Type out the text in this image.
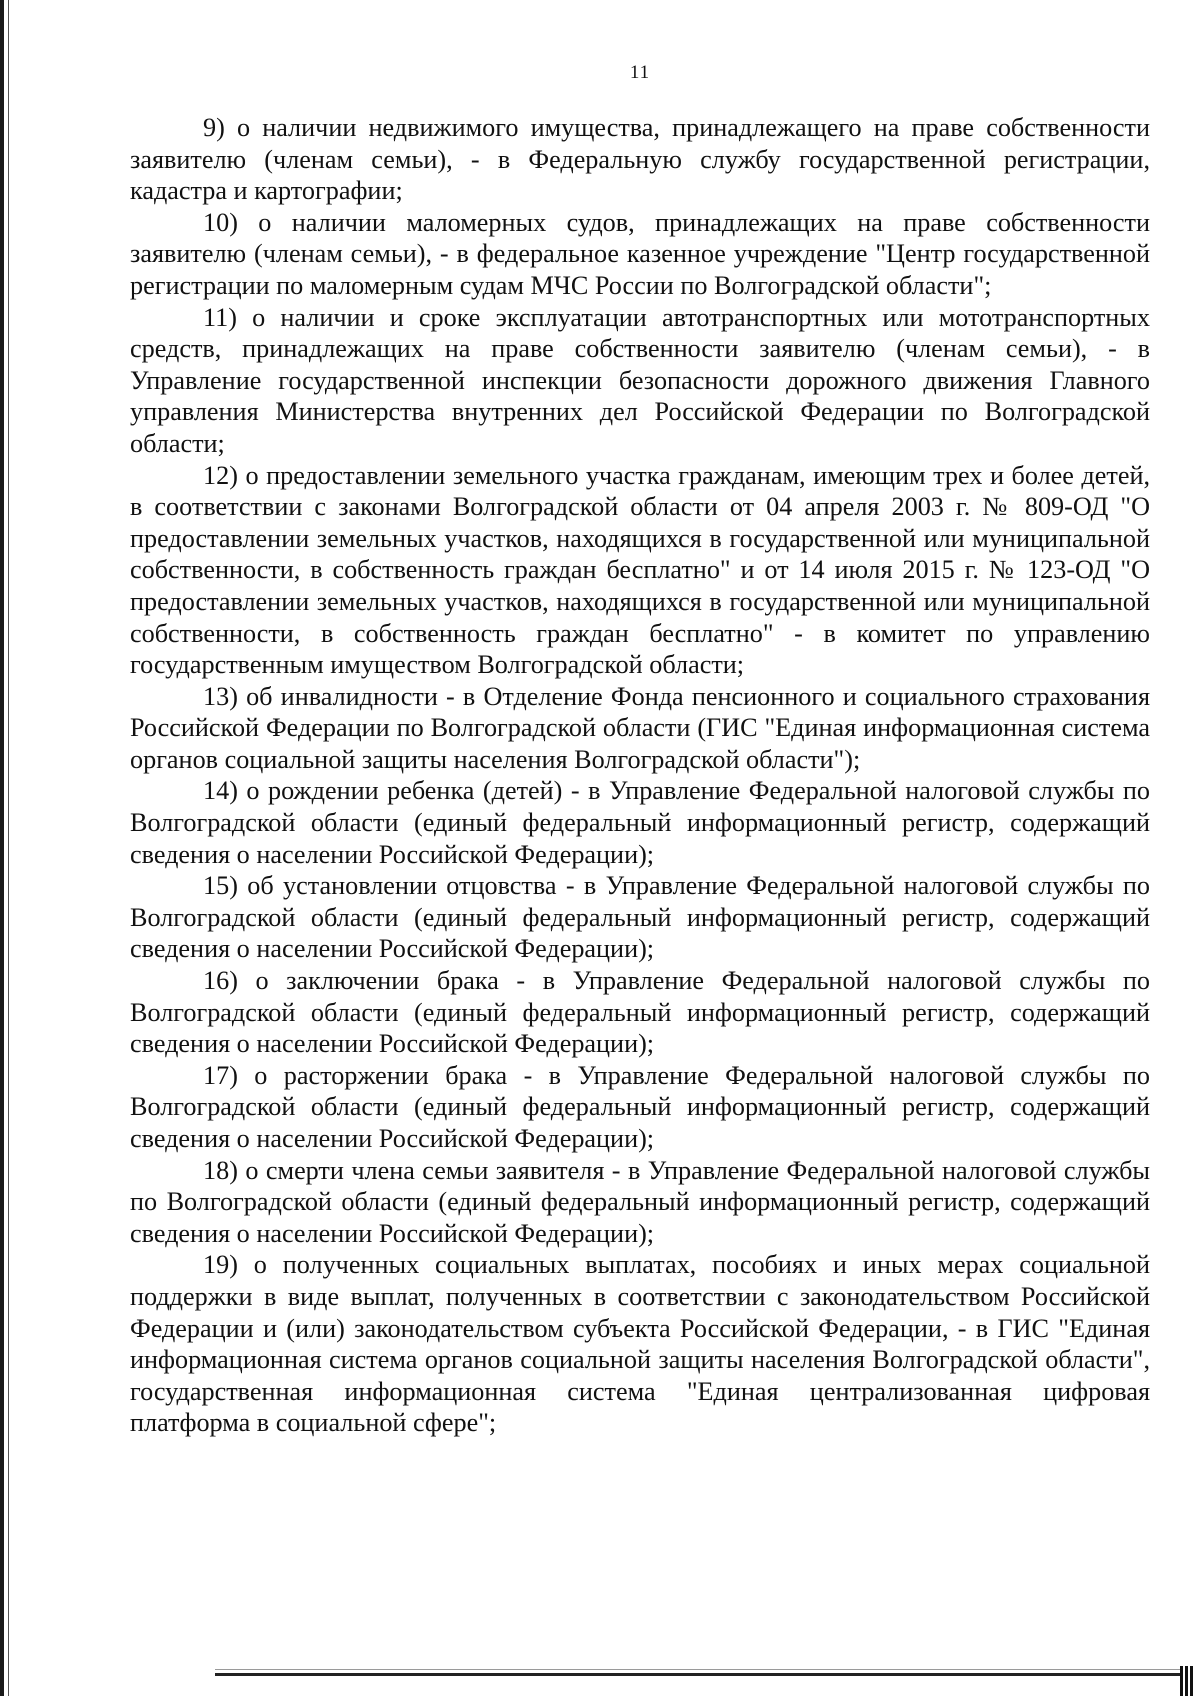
11

9) о наличии недвижимого имущества, принадлежащего на праве собственности заявителю (членам семьи), - в Федеральную службу государственной регистрации, кадастра и картографии;

10) о наличии маломерных судов, принадлежащих на праве собственности заявителю (членам семьи), - в федеральное казенное учреждение "Центр государственной регистрации по маломерным судам МЧС России по Волгоградской области";

11) о наличии и сроке эксплуатации автотранспортных или мототранспортных средств, принадлежащих на праве собственности заявителю (членам семьи), - в Управление государственной инспекции безопасности дорожного движения Главного управления Министерства внутренних дел Российской Федерации по Волгоградской области;

12) о предоставлении земельного участка гражданам, имеющим трех и более детей, в соответствии с законами Волгоградской области от 04 апреля 2003 г. № 809-ОД "О предоставлении земельных участков, находящихся в государственной или муниципальной собственности, в собственность граждан бесплатно" и от 14 июля 2015 г. № 123-ОД "О предоставлении земельных участков, находящихся в государственной или муниципальной собственности, в собственность граждан бесплатно" - в комитет по управлению государственным имуществом Волгоградской области;

13) об инвалидности - в Отделение Фонда пенсионного и социального страхования Российской Федерации по Волгоградской области (ГИС "Единая информационная система органов социальной защиты населения Волгоградской области");

14) о рождении ребенка (детей) - в Управление Федеральной налоговой службы по Волгоградской области (единый федеральный информационный регистр, содержащий сведения о населении Российской Федерации);

15) об установлении отцовства - в Управление Федеральной налоговой службы по Волгоградской области (единый федеральный информационный регистр, содержащий сведения о населении Российской Федерации);

16) о заключении брака - в Управление Федеральной налоговой службы по Волгоградской области (единый федеральный информационный регистр, содержащий сведения о населении Российской Федерации);

17) о расторжении брака - в Управление Федеральной налоговой службы по Волгоградской области (единый федеральный информационный регистр, содержащий сведения о населении Российской Федерации);

18) о смерти члена семьи заявителя - в Управление Федеральной налоговой службы по Волгоградской области (единый федеральный информационный регистр, содержащий сведения о населении Российской Федерации);

19) о полученных социальных выплатах, пособиях и иных мерах социальной поддержки в виде выплат, полученных в соответствии с законодательством Российской Федерации и (или) законодательством субъекта Российской Федерации, - в ГИС "Единая информационная система органов социальной защиты населения Волгоградской области", государственная информационная система "Единая централизованная цифровая платформа в социальной сфере";
